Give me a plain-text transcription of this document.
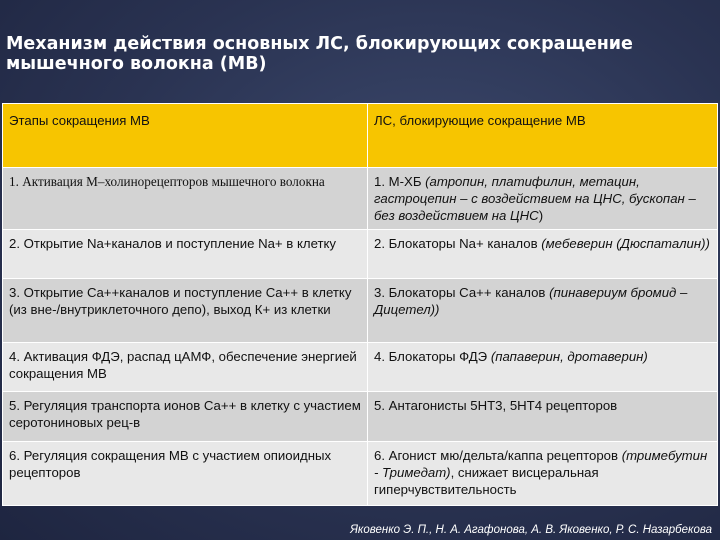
Механизм действия основных ЛС, блокирующих сокращение мышечного волокна (МВ)
Этапы сокращения МВ	ЛС, блокирующие сокращение МВ
1. Активация М–холинорецепторов мышечного волокна	1. М-ХБ (атропин, платифилин, метацин, гастроцепин – с воздействием на ЦНС, бускопан – без воздействием на ЦНС)
2. Открытие Na+каналов и поступление Na+ в клетку	2. Блокаторы Na+ каналов (мебеверин (Дюспаталин))
3. Открытие Ca++каналов и поступление Ca++ в клетку (из вне-/внутриклеточного депо), выход К+ из клетки	3. Блокаторы Са++ каналов (пинавериум бромид – Дицетел))
4. Активация ФДЭ, распад цАМФ, обеспечение энергией сокращения МВ	4. Блокаторы ФДЭ (папаверин, дротаверин)
5. Регуляция транспорта ионов Са++ в клетку с участием серотониновых рец-в	5. Антагонисты 5НТ3, 5НТ4 рецепторов
6. Регуляция сокращения МВ с участием опиоидных рецепторов	6. Агонист мю/дельта/каппа рецепторов (тримебутин - Тримедат), снижает висцеральная гиперчувствительность
Яковенко Э. П., Н. А. Агафонова, А. В. Яковенко, Р. С. Назарбекова
